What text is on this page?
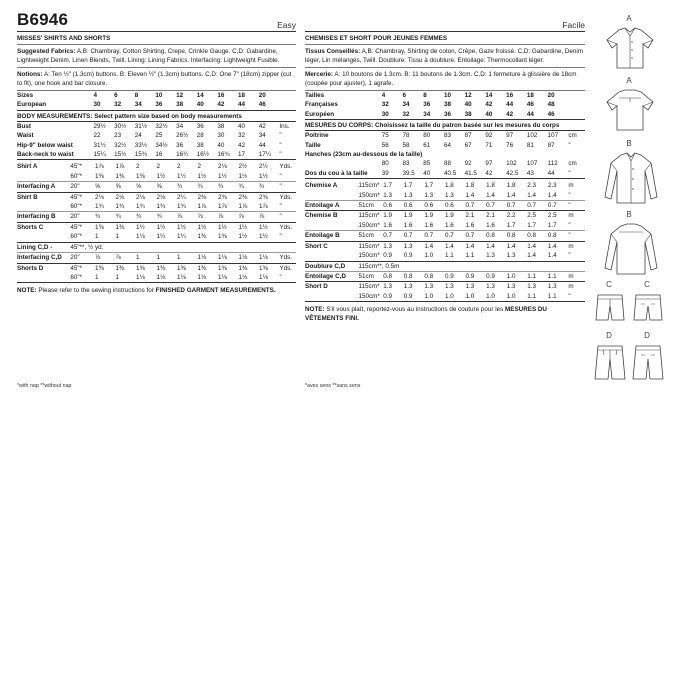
B6946	Easy
MISSES' SHIRTS AND SHORTS
Suggested Fabrics: A,B: Chambray, Cotton Shirting, Crepe, Crinkle Gauge. C,D: Gabardine, Lightweight Denim, Linen Blends, Twill. Lining: Lining Fabrics. Interfacing: Lightweight Fusible.
Notions: A: Ten ½" (1.3cm) buttons. B: Eleven ½" (1.3cm) buttons. C,D: One 7" (18cm) zipper (cut to fit), one hook and bar closure.
Sizes	4	6	8	10	12	14	16	18	20	
European	30	32	34	36	38	40	42	44	46	
BODY MEASUREMENTS: Select pattern size based on body measurements
Bust	29½	30½	31½	32½	34	36	38	40	42	Ins.
Waist	22	23	24	25	26½	28	30	32	34	"
Hip-9" below waist	31½	32½	33½	34½	36	38	40	42	44	"
Back-neck to waist	15¼	15½	15¾	16	16¼	16½	16¾	17	17¼	"
Shirt A	45"*	1⅞	1⅞	2	2	2	2	2⅛	2½	2½	Yds.
	60"*	1⅜	1⅜	1⅜	1½	1½	1½	1½	1½	1½	"
Interfacing A	20"	⅝	⅝	⅝	⅝	¾	¾	¾	¾	¾	"
Shirt B	45"*	2⅛	2⅛	2⅛	2⅛	2¼	2⅜	2⅜	2⅜	2⅜	Yds.
	60"*	1¾	1¾	1¾	1¾	1¾	1⅞	1⅞	1⅞	1⅞	"
Interfacing B	20"	¾	¾	¾	¾	⅞	⅞	⅞	⅞	⅞	"
Shorts C	45"*	1⅜	1⅜	1½	1½	1½	1½	1½	1½	1½	Yds.
	60"*	1	1	1⅛	1¼	1¼	1⅜	1⅜	1½	1½	"
Lining C,D -	45"**, ½ yd.										
Interfacing C,D	20"	⅞	⅞	1	1	1	1⅛	1⅛	1⅛	1⅛	Yds.
Shorts D	45"*	1⅜	1⅜	1⅜	1⅜	1⅜	1⅜	1⅜	1⅜	1⅜	Yds.
	60"*	1	1	1⅛	1⅛	1⅛	1⅛	1⅛	1⅛	1⅛	"
NOTE: Please refer to the sewing instructions for FINISHED GARMENT MEASUREMENTS.
*with nap **without nap
Facile
CHEMISES ET SHORT POUR JEUNES FEMMES
Tissus Conseillés: A,B: Chambray, Shirting de coton, Crêpe, Gaze froissé. C,D: Gabardine, Denim léger, Lin mélangés, Twill. Doublure: Tissu à doublure. Entoilage: Thermocollant léger.
Mercerie: A: 10 boutons de 1.3cm. B: 11 boutons de 1.3cm. C,D: 1 fermeture à glissière de 18cm (coupée pour ajuster), 1 agrafe.
Tailles	4	6	8	10	12	14	16	18	20	
Françaises	32	34	36	38	40	42	44	46	48	
Européen	30	32	34	36	38	40	42	44	46	
MESURES DU CORPS: Choisissez la taille du patron basée sur les mesures du corps
Poitrine	75	78	80	83	87	92	97	102	107	cm
Taille	56	58	61	64	67	71	76	81	87	"
Hanches (23cm au-dessous de la taille)										
	80	83	85	88	92	97	102	107	112	cm
Dos du cou à la taille	39	39.5	40	40.5	41.5	42	42.5	43	44	"
Chemise A	115cm*	1.7	1.7	1.7	1.8	1.8	1.8	1.8	2.3	2.3	m
	150cm*	1.3	1.3	1.3	1.3	1.4	1.4	1.4	1.4	1.4	"
Entoilage A	51cm	0.6	0.6	0.6	0.6	0.7	0.7	0.7	0.7	0.7	"
Chemise B	115cm*	1.9	1.9	1.9	1.9	2.1	2.1	2.2	2.5	2.5	m
	150cm*	1.6	1.6	1.6	1.6	1.6	1.6	1.7	1.7	1.7	"
Entoilage B	51cm	0.7	0.7	0.7	0.7	0.7	0.8	0.8	0.8	0.8	"
Short C	115cm*	1.3	1.3	1.4	1.4	1.4	1.4	1.4	1.4	1.4	m
	150cm*	0.9	0.9	1.0	1.1	1.1	1.3	1.3	1.4	1.4	"
Doublure C,D	115cm**, 0.5m										
Entoilage C,D	51cm	0.8	0.8	0.8	0.9	0.9	0.9	1.0	1.1	1.1	m
Short D	115cm*	1.3	1.3	1.3	1.3	1.3	1.3	1.3	1.3	1.3	m
	150cm*	0.9	0.9	1.0	1.0	1.0	1.0	1.0	1.1	1.1	"
NOTE: S'il vous plaît, reportez-vous au instructions de couture pour les MESURES DU VÊTEMENTS FINI.
*avec sens **sans sens
A
A
B
B
C	C
D	D
